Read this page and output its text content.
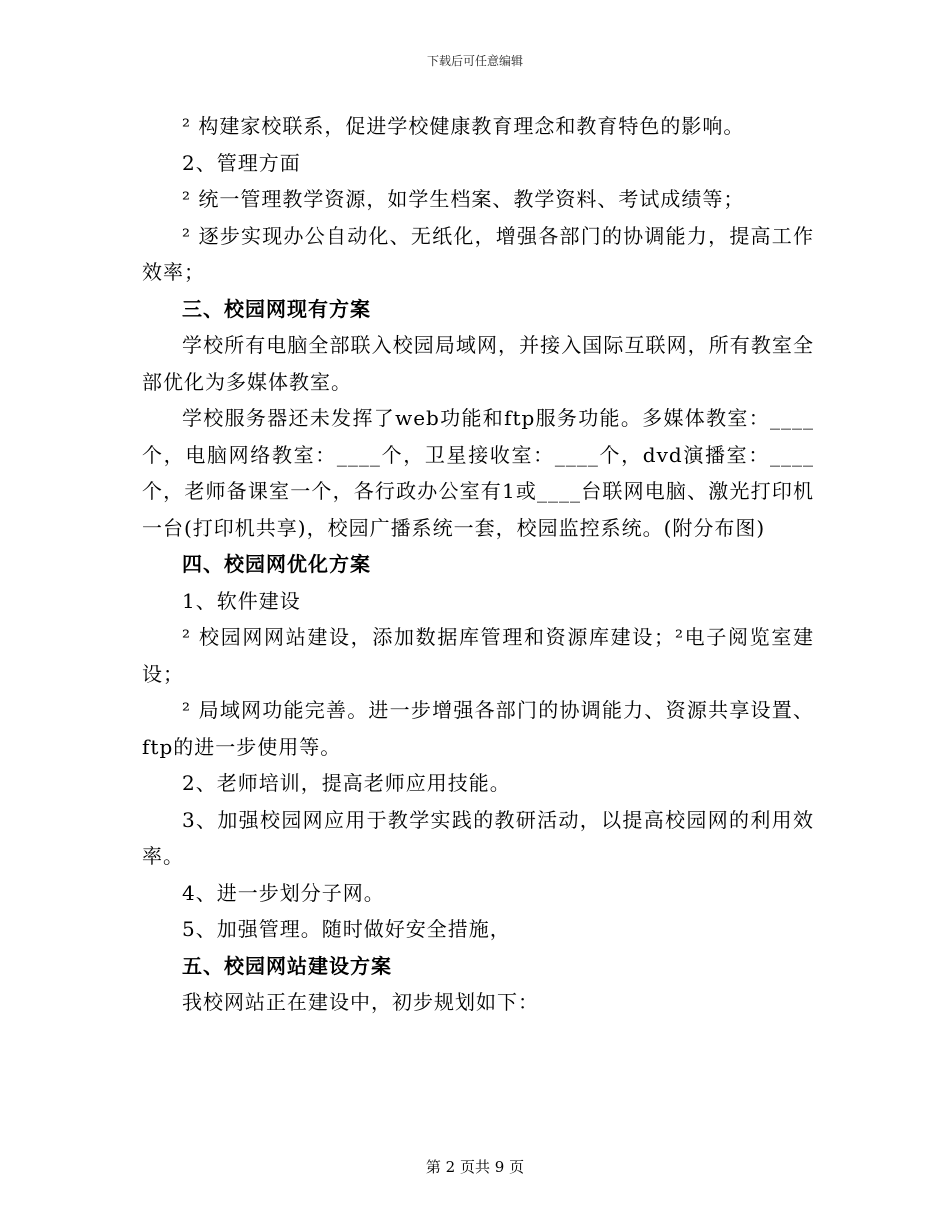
下载后可任意编辑

² 构建家校联系，促进学校健康教育理念和教育特色的影响。

2、管理方面

² 统一管理教学资源，如学生档案、教学资料、考试成绩等；

² 逐步实现办公自动化、无纸化，增强各部门的协调能力，提高工作效率；

三、校园网现有方案

学校所有电脑全部联入校园局域网，并接入国际互联网，所有教室全部优化为多媒体教室。

学校服务器还未发挥了web功能和ftp服务功能。多媒体教室：____个，电脑网络教室：____个，卫星接收室：____个，dvd演播室：____个，老师备课室一个，各行政办公室有1或____台联网电脑、激光打印机一台(打印机共享)，校园广播系统一套，校园监控系统。(附分布图)

四、校园网优化方案

1、软件建设

² 校园网网站建设，添加数据库管理和资源库建设；²电子阅览室建设；

² 局域网功能完善。进一步增强各部门的协调能力、资源共享设置、ftp的进一步使用等。

2、老师培训，提高老师应用技能。

3、加强校园网应用于教学实践的教研活动，以提高校园网的利用效率。

4、进一步划分子网。

5、加强管理。随时做好安全措施，

五、校园网站建设方案

我校网站正在建设中，初步规划如下：

第 2 页共 9 页
